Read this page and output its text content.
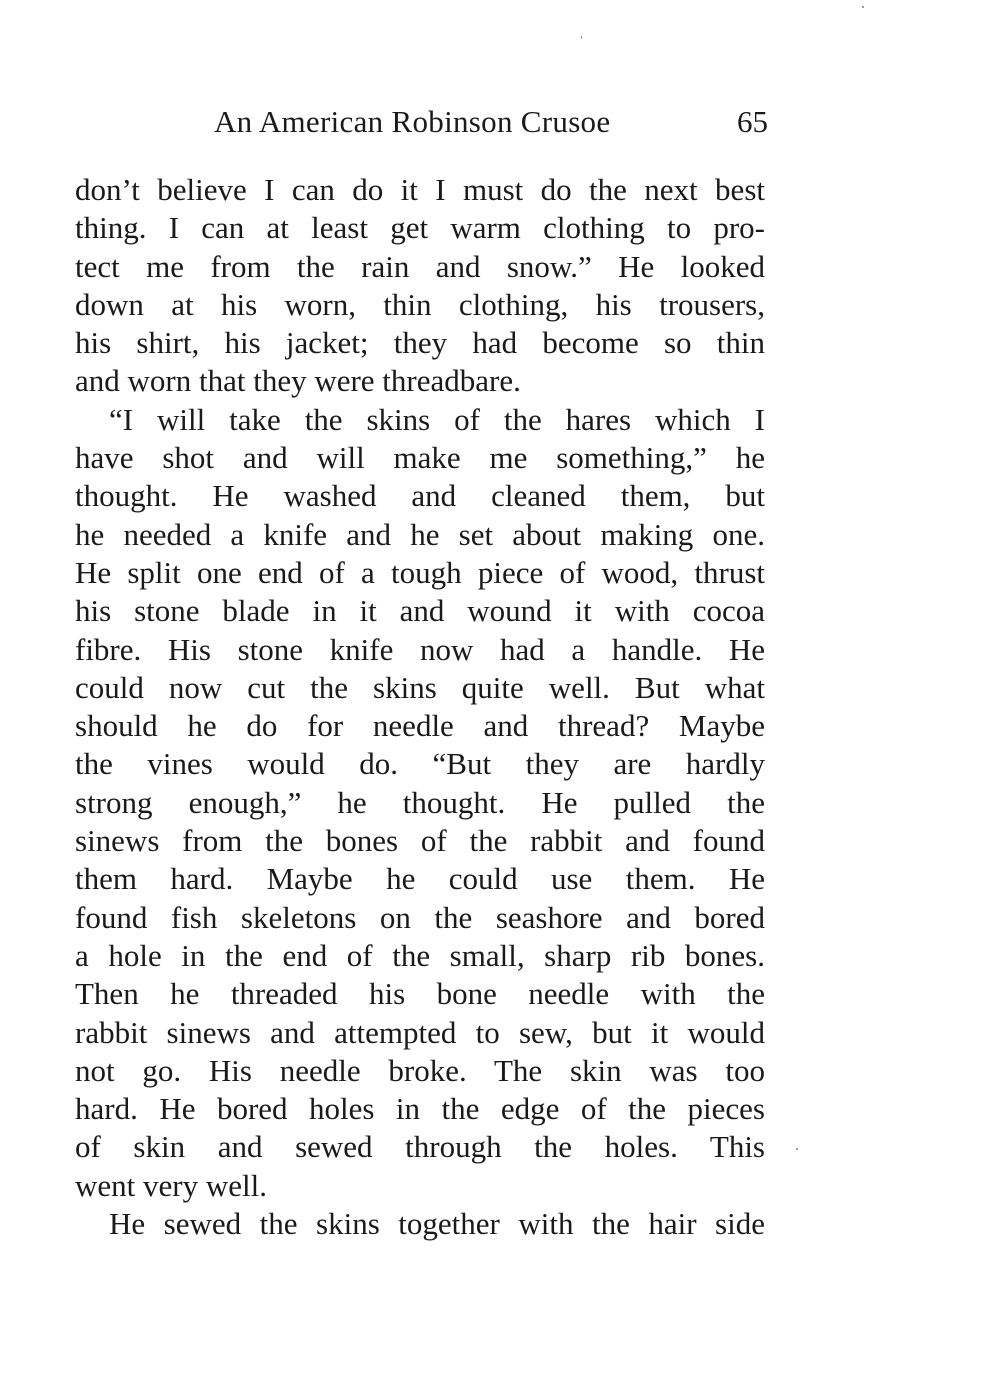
An American Robinson Crusoe	65
don’t believe I can do it I must do the next best
thing. I can at least get warm clothing to pro-
tect me from the rain and snow.” He looked
down at his worn, thin clothing, his trousers,
his shirt, his jacket; they had become so thin
and worn that they were threadbare.
“I will take the skins of the hares which I
have shot and will make me something,” he
thought. He washed and cleaned them, but
he needed a knife and he set about making one.
He split one end of a tough piece of wood, thrust
his stone blade in it and wound it with cocoa
fibre. His stone knife now had a handle. He
could now cut the skins quite well. But what
should he do for needle and thread? Maybe
the vines would do. “But they are hardly
strong enough,” he thought. He pulled the
sinews from the bones of the rabbit and found
them hard. Maybe he could use them. He
found fish skeletons on the seashore and bored
a hole in the end of the small, sharp rib bones.
Then he threaded his bone needle with the
rabbit sinews and attempted to sew, but it would
not go. His needle broke. The skin was too
hard. He bored holes in the edge of the pieces
of skin and sewed through the holes. This
went very well.
He sewed the skins together with the hair side
